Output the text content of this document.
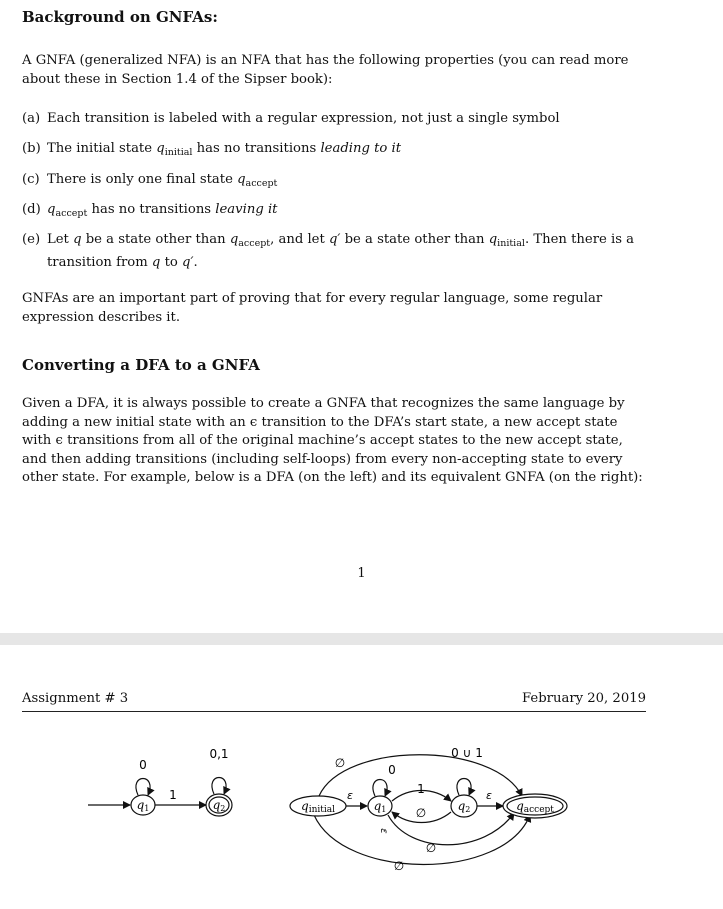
Background on GNFAs:
A GNFA (generalized NFA) is an NFA that has the following properties (you can read more about these in Section 1.4 of the Sipser book):
(a) Each transition is labeled with a regular expression, not just a single symbol
(b) The initial state $q_{initial}$ has no transitions leading to it
(c) There is only one final state $q_{accept}$
(d) $q_{accept}$ has no transitions leaving it
(e) Let q be a state other than $q_{accept}$, and let q′ be a state other than $q_{initial}$. Then there is a transition from q to q′.
GNFAs are an important part of proving that for every regular language, some regular expression describes it.
Converting a DFA to a GNFA
Given a DFA, it is always possible to create a GNFA that recognizes the same language by adding a new initial state with an ϵ transition to the DFA’s start state, a new accept state with ϵ transitions from all of the original machine’s accept states to the new accept state, and then adding transitions (including self-loops) from every non-accepting state to every other state. For example, below is a DFA (on the left) and its equivalent GNFA (on the right):
1
Assignment # 3	February 20, 2019
q1
0
1
q2
0,1
∅
∅
∅
qinitial
ε
q1
0
1
∅	q2
0 ∪ 1
ε
qaccept
ε
